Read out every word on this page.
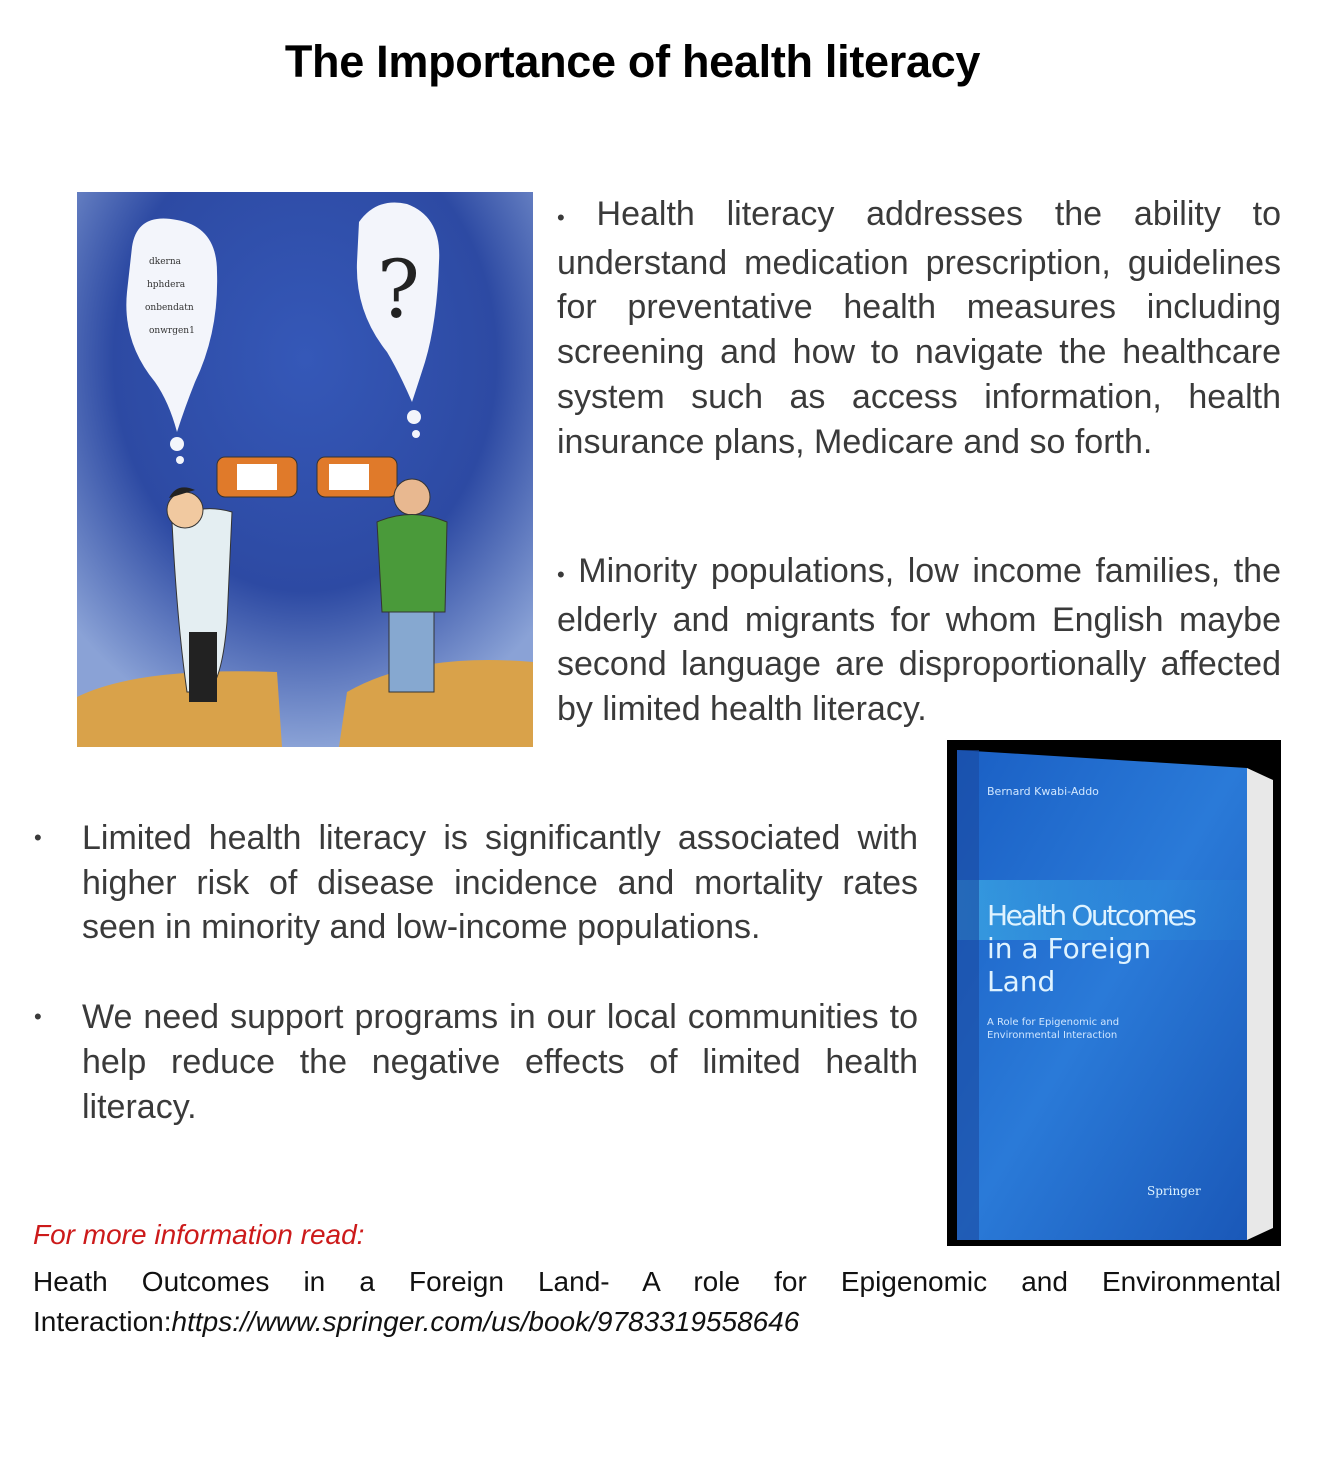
The Importance of health literacy
dkerna
hphdera
onbendatn
onwrgen1 ?
• Health literacy addresses the ability to understand medication prescription, guidelines for preventative health measures including screening and how to navigate the healthcare system such as access information, health insurance plans, Medicare and so forth.
• Minority populations, low income families, the elderly and migrants for whom English maybe second language are disproportionally affected by limited health literacy.
• Limited health literacy is significantly associated with higher risk of disease incidence and mortality rates seen in minority and low-income populations.
• We need support programs in our local communities to help reduce the negative effects of limited health literacy.
Bernard Kwabi-Addo
Health Outcomes
in a Foreign
Land
A Role for Epigenomic and
Environmental Interaction
Springer
For more information read:
Heath Outcomes in a Foreign Land- A role for Epigenomic and Environmental Interaction:https://www.springer.com/us/book/9783319558646
